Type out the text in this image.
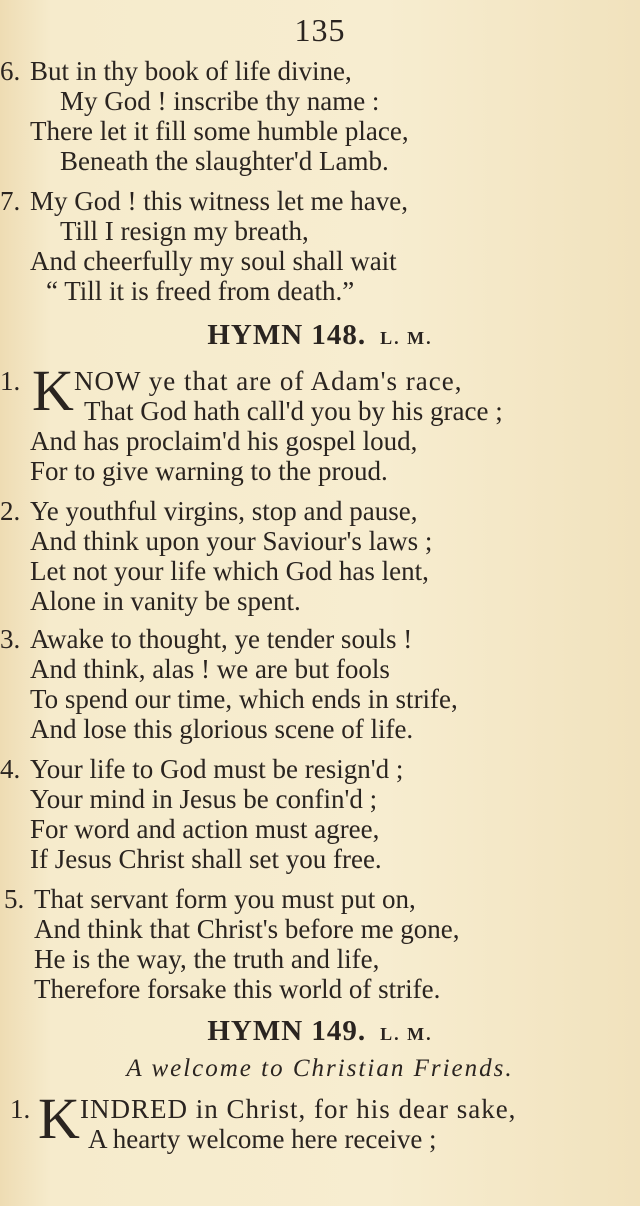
135
6. But in thy book of life divine,
My God ! inscribe thy name :
There let it fill some humble place,
Beneath the slaughter'd Lamb.
7. My God ! this witness let me have,
Till I resign my breath,
And cheerfully my soul shall wait
“ Till it is freed from death.”
HYMN 148. L. M.
1. K NOW ye that are of Adam's race,
That God hath call'd you by his grace ;
And has proclaim'd his gospel loud,
For to give warning to the proud.
2. Ye youthful virgins, stop and pause,
And think upon your Saviour's laws ;
Let not your life which God has lent,
Alone in vanity be spent.
3. Awake to thought, ye tender souls !
And think, alas ! we are but fools
To spend our time, which ends in strife,
And lose this glorious scene of life.
4. Your life to God must be resign'd ;
Your mind in Jesus be confin'd ;
For word and action must agree,
If Jesus Christ shall set you free.
5. That servant form you must put on,
And think that Christ's before me gone,
He is the way, the truth and life,
Therefore forsake this world of strife.
HYMN 149. L. M.
A welcome to Christian Friends.
1. K INDRED in Christ, for his dear sake,
A hearty welcome here receive ;
